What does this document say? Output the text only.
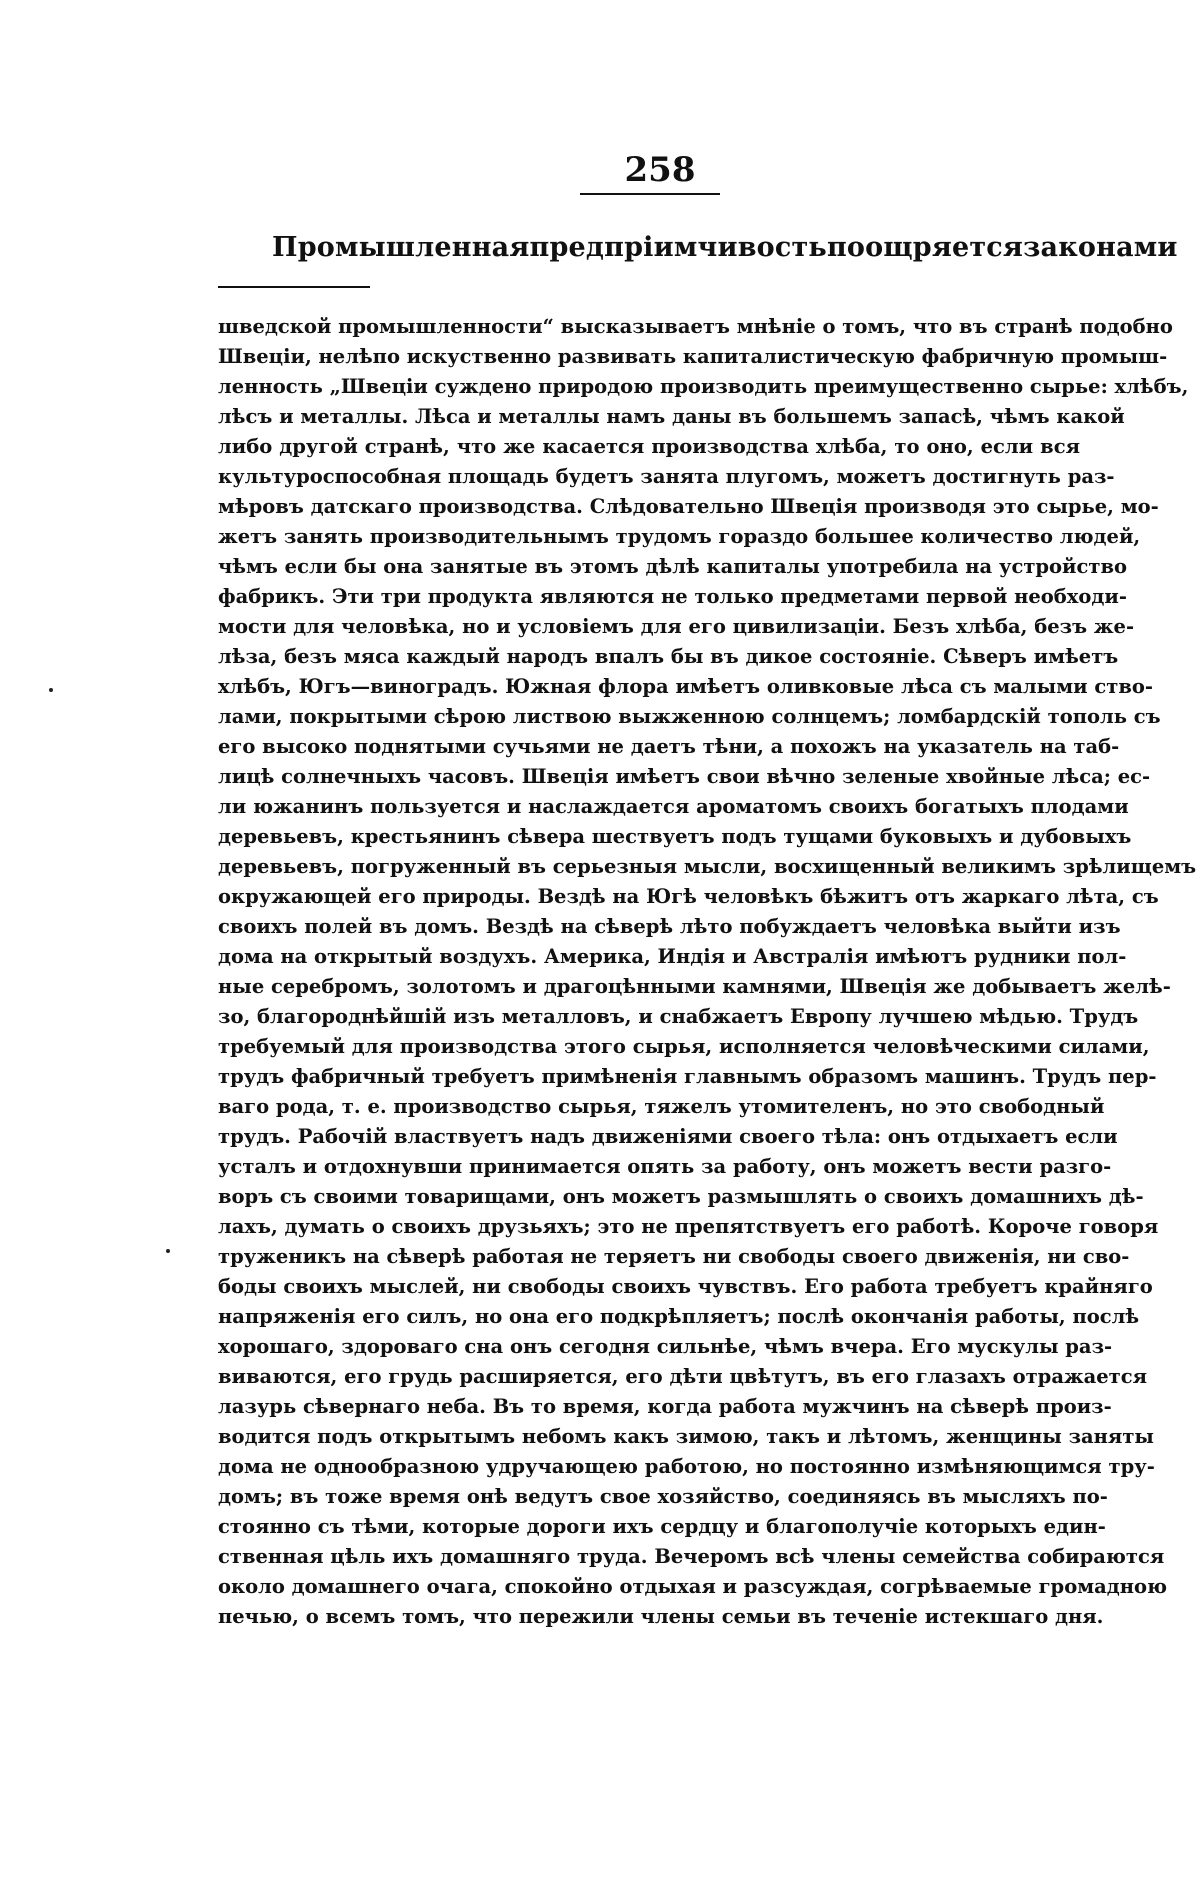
258
Промышленная предпріимчивость поощряется законами
шведской промышленности“ высказываетъ мнѣніе о томъ, что въ странѣ подобно
Швеціи, нелѣпо искуственно развивать капиталистическую фабричную промыш-
ленность „Швеціи суждено природою производить преимущественно сырье: хлѣбъ,
лѣсъ и металлы. Лѣса и металлы намъ даны въ большемъ запасѣ, чѣмъ какой
либо другой странѣ, что же касается производства хлѣба, то оно, если вся
культуроспособная площадь будетъ занята плугомъ, можетъ достигнуть раз-
мѣровъ датскаго производства. Слѣдовательно Швеція производя это сырье, мо-
жетъ занять производительнымъ трудомъ гораздо большее количество людей,
чѣмъ если бы она занятые въ этомъ дѣлѣ капиталы употребила на устройство
фабрикъ. Эти три продукта являются не только предметами первой необходи-
мости для человѣка, но и условіемъ для его цивилизаціи. Безъ хлѣба, безъ же-
лѣза, безъ мяса каждый народъ впалъ бы въ дикое состояніе. Сѣверъ имѣетъ
хлѣбъ, Югъ—виноградъ. Южная флора имѣетъ оливковые лѣса съ малыми ство-
лами, покрытыми сѣрою листвою выжженною солнцемъ; ломбардскій тополь съ
его высоко поднятыми сучьями не даетъ тѣни, а похожъ на указатель на таб-
лицѣ солнечныхъ часовъ. Швеція имѣетъ свои вѣчно зеленые хвойные лѣса; ес-
ли южанинъ пользуется и наслаждается ароматомъ своихъ богатыхъ плодами
деревьевъ, крестьянинъ сѣвера шествуетъ подъ тущами буковыхъ и дубовыхъ
деревьевъ, погруженный въ серьезныя мысли, восхищенный великимъ зрѣлищемъ
окружающей его природы. Вездѣ на Югѣ человѣкъ бѣжитъ отъ жаркаго лѣта, съ
своихъ полей въ домъ. Вездѣ на сѣверѣ лѣто побуждаетъ человѣка выйти изъ
дома на открытый воздухъ. Америка, Индія и Австралія имѣютъ рудники пол-
ные серебромъ, золотомъ и драгоцѣнными камнями, Швеція же добываетъ желѣ-
зо, благороднѣйшій изъ металловъ, и снабжаетъ Европу лучшею мѣдью. Трудъ
требуемый для производства этого сырья, исполняется человѣческими силами,
трудъ фабричный требуетъ примѣненія главнымъ образомъ машинъ. Трудъ пер-
ваго рода, т. е. производство сырья, тяжелъ утомителенъ, но это свободный
трудъ. Рабочій властвуетъ надъ движеніями своего тѣла: онъ отдыхаетъ если
усталъ и отдохнувши принимается опять за работу, онъ можетъ вести разго-
воръ съ своими товарищами, онъ можетъ размышлять о своихъ домашнихъ дѣ-
лахъ, думать о своихъ друзьяхъ; это не препятствуетъ его работѣ. Короче говоря
труженикъ на сѣверѣ работая не теряетъ ни свободы своего движенія, ни сво-
боды своихъ мыслей, ни свободы своихъ чувствъ. Его работа требуетъ крайняго
напряженія его силъ, но она его подкрѣпляетъ; послѣ окончанія работы, послѣ
хорошаго, здороваго сна онъ сегодня сильнѣе, чѣмъ вчера. Его мускулы раз-
виваются, его грудь расширяется, его дѣти цвѣтутъ, въ его глазахъ отражается
лазурь сѣвернаго неба. Въ то время, когда работа мужчинъ на сѣверѣ произ-
водится подъ открытымъ небомъ какъ зимою, такъ и лѣтомъ, женщины заняты
дома не однообразною удручающею работою, но постоянно измѣняющимся тру-
домъ; въ тоже время онѣ ведутъ свое хозяйство, соединяясь въ мысляхъ по-
стоянно съ тѣми, которые дороги ихъ сердцу и благополучіе которыхъ един-
ственная цѣль ихъ домашняго труда. Вечеромъ всѣ члены семейства собираются
около домашнего очага, спокойно отдыхая и разсуждая, согрѣваемые громадною
печью, о всемъ томъ, что пережили члены семьи въ теченіе истекшаго дня.
